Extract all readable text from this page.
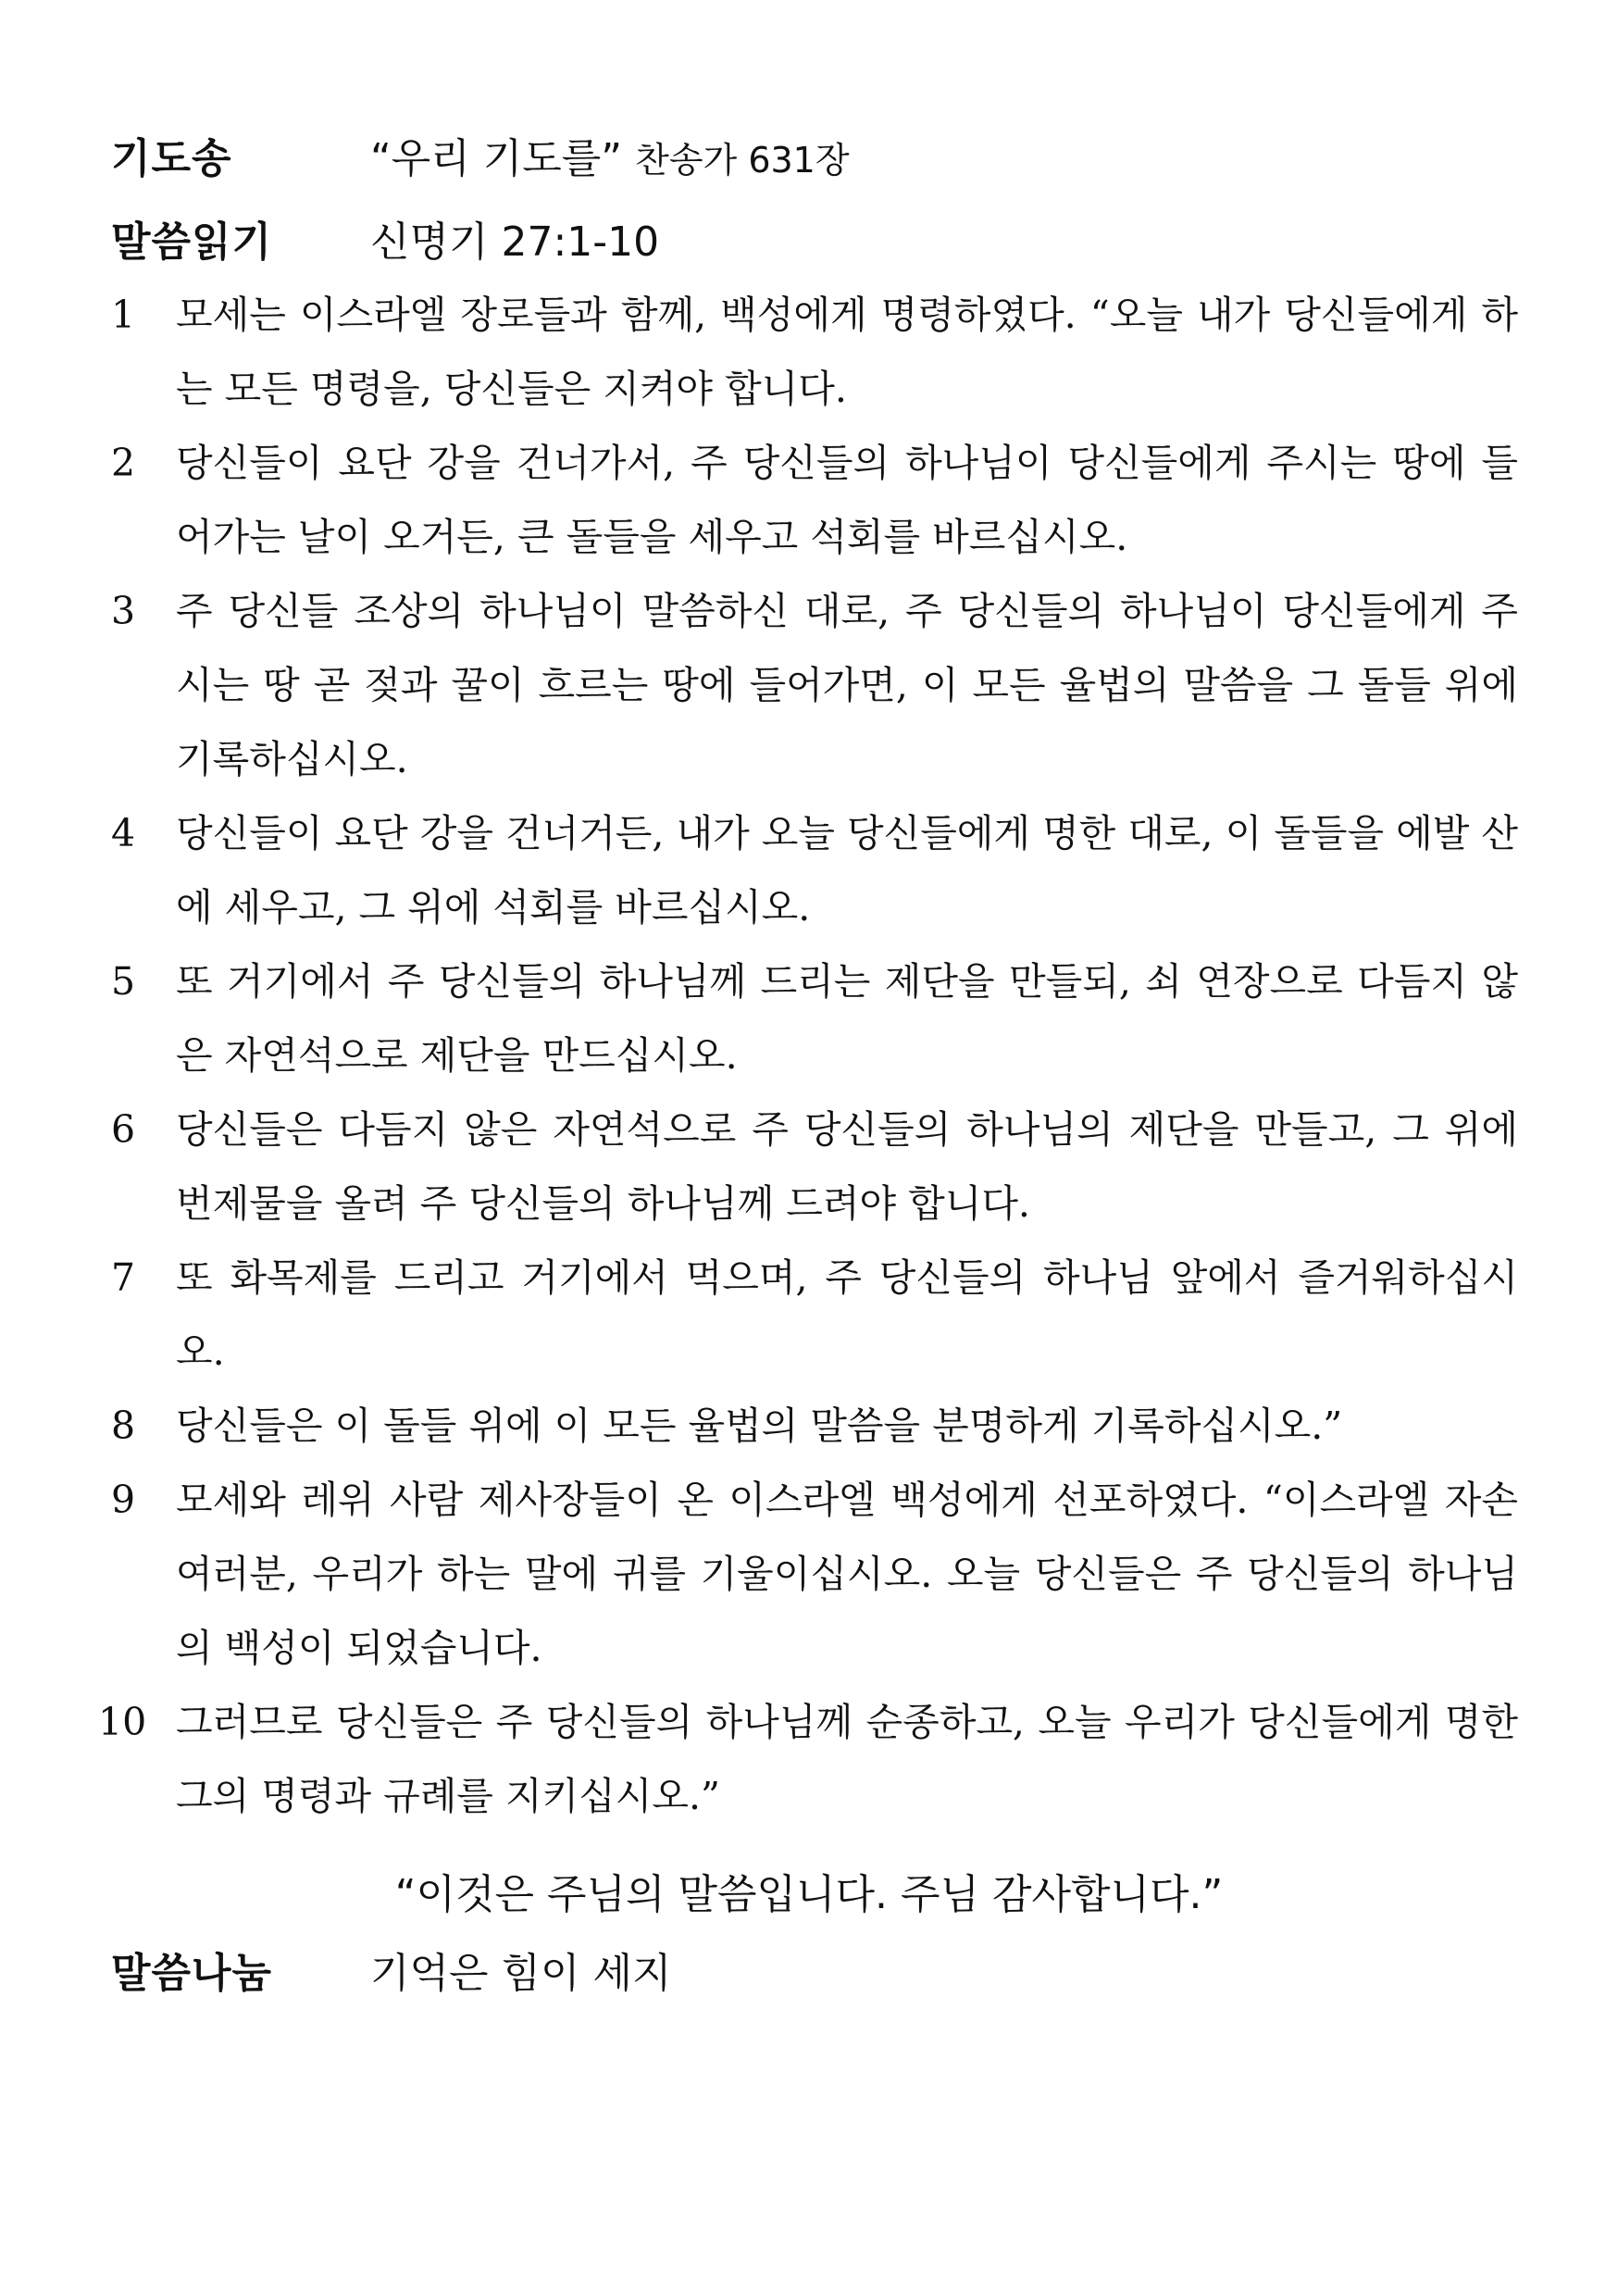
기도송	“우리 기도를” 찬송가 631장
말씀읽기	신명기 27:1-10
1	모세는 이스라엘 장로들과 함께, 백성에게 명령하였다. “오늘 내가 당신들에게 하는 모든 명령을, 당신들은 지켜야 합니다.
2	당신들이 요단 강을 건너가서, 주 당신들의 하나님이 당신들에게 주시는 땅에 들어가는 날이 오거든, 큰 돌들을 세우고 석회를 바르십시오.
3	주 당신들 조상의 하나님이 말씀하신 대로, 주 당신들의 하나님이 당신들에게 주시는 땅 곧 젖과 꿀이 흐르는 땅에 들어가면, 이 모든 율법의 말씀을 그 돌들 위에 기록하십시오.
4	당신들이 요단 강을 건너거든, 내가 오늘 당신들에게 명한 대로, 이 돌들을 에발 산에 세우고, 그 위에 석회를 바르십시오.
5	또 거기에서 주 당신들의 하나님께 드리는 제단을 만들되, 쇠 연장으로 다듬지 않은 자연석으로 제단을 만드십시오.
6	당신들은 다듬지 않은 자연석으로 주 당신들의 하나님의 제단을 만들고, 그 위에 번제물을 올려 주 당신들의 하나님께 드려야 합니다.
7	또 화목제를 드리고 거기에서 먹으며, 주 당신들의 하나님 앞에서 즐거워하십시오.
8	당신들은 이 돌들 위에 이 모든 율법의 말씀을 분명하게 기록하십시오.”
9	모세와 레위 사람 제사장들이 온 이스라엘 백성에게 선포하였다. “이스라엘 자손 여러분, 우리가 하는 말에 귀를 기울이십시오. 오늘 당신들은 주 당신들의 하나님의 백성이 되었습니다.
10 그러므로 당신들은 주 당신들의 하나님께 순종하고, 오늘 우리가 당신들에게 명한 그의 명령과 규례를 지키십시오.”
“이것은 주님의 말씀입니다. 주님 감사합니다.”
말씀나눔	기억은 힘이 세지
